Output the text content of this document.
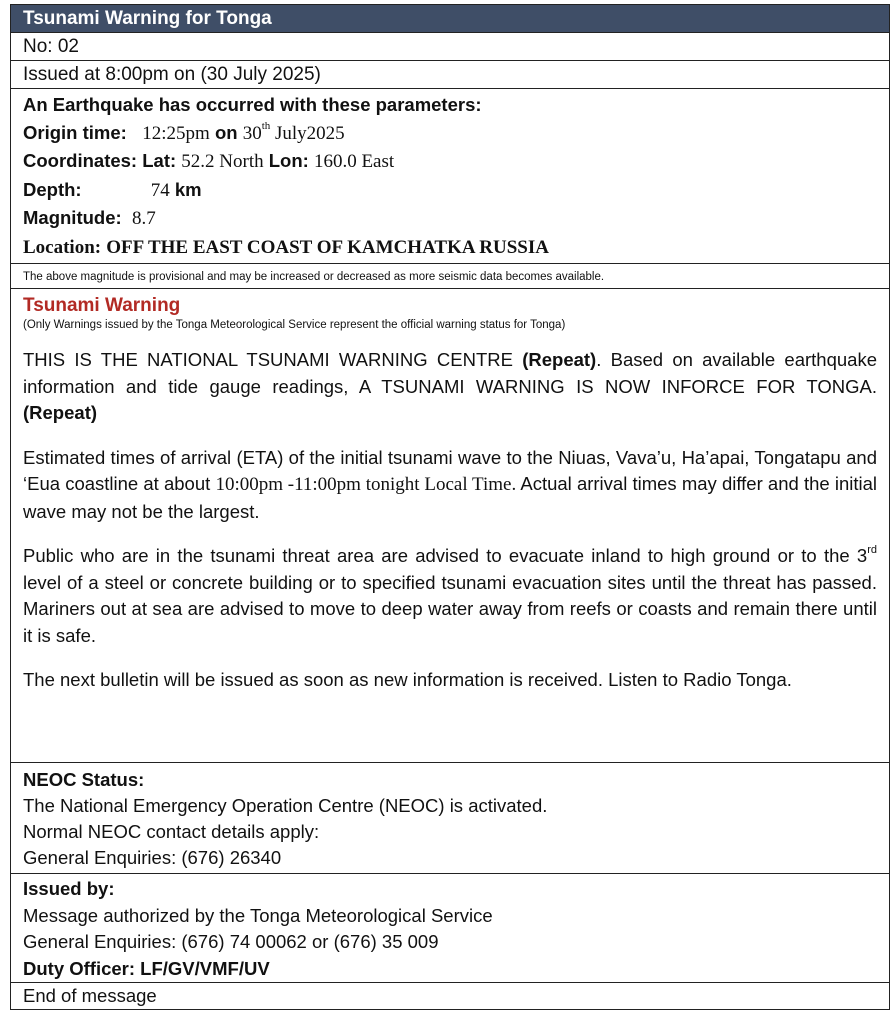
Tsunami Warning for Tonga
No: 02
Issued at 8:00pm on (30 July 2025)
An Earthquake has occurred with these parameters:
Origin time: 12:25pm on 30th July2025
Coordinates: Lat: 52.2 North Lon: 160.0 East
Depth:	74 km
Magnitude: 8.7
Location: OFF THE EAST COAST OF KAMCHATKA RUSSIA
The above magnitude is provisional and may be increased or decreased as more seismic data becomes available.
Tsunami Warning
(Only Warnings issued by the Tonga Meteorological Service represent the official warning status for Tonga)

THIS IS THE NATIONAL TSUNAMI WARNING CENTRE (Repeat). Based on available earthquake information and tide gauge readings, A TSUNAMI WARNING IS NOW INFORCE FOR TONGA. (Repeat)

Estimated times of arrival (ETA) of the initial tsunami wave to the Niuas, Vava’u, Ha’apai, Tongatapu and ‘Eua coastline at about 10:00pm -11:00pm tonight Local Time. Actual arrival times may differ and the initial wave may not be the largest.

Public who are in the tsunami threat area are advised to evacuate inland to high ground or to the 3rd level of a steel or concrete building or to specified tsunami evacuation sites until the threat has passed. Mariners out at sea are advised to move to deep water away from reefs or coasts and remain there until it is safe.

The next bulletin will be issued as soon as new information is received. Listen to Radio Tonga.

NEOC Status:
The National Emergency Operation Centre (NEOC) is activated.
Normal NEOC contact details apply:
General Enquiries: (676) 26340
Issued by:
Message authorized by the Tonga Meteorological Service
General Enquiries: (676) 74 00062 or (676) 35 009
Duty Officer: LF/GV/VMF/UV
End of message
